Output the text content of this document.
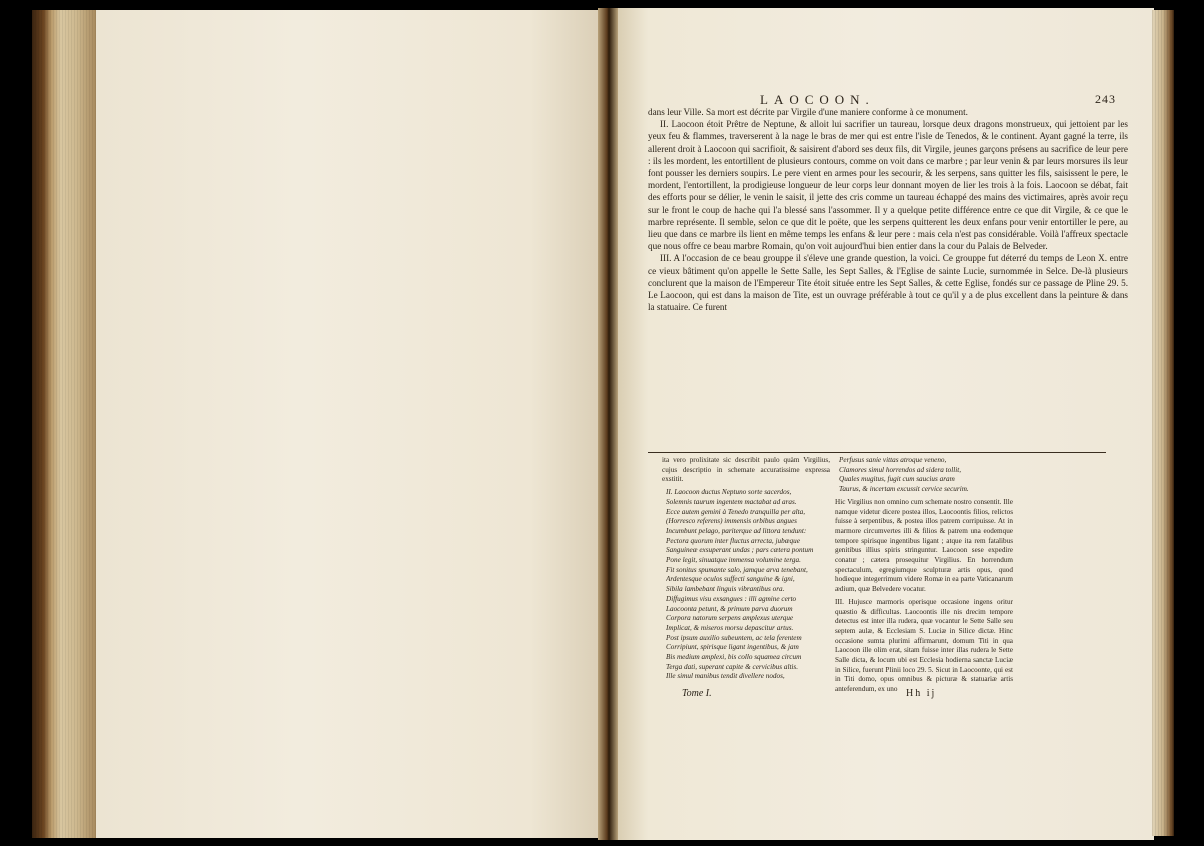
LAOCOON.	243

dans leur Ville. Sa mort est décrite par Virgile d'une maniere conforme à ce monument.

II. Laocoon étoit Prêtre de Neptune, & alloit lui sacrifier un taureau, lorsque deux dragons monstrueux, qui jettoient par les yeux feu & flammes, traverserent à la nage le bras de mer qui est entre l'isle de Tenedos, & le continent. Ayant gagné la terre, ils allerent droit à Laocoon qui sacrifioit, & saisirent d'abord ses deux fils, dit Virgile, jeunes garçons présens au sacrifice de leur pere : ils les mordent, les entortillent de plusieurs contours, comme on voit dans ce marbre ; par leur venin & par leurs morsures ils leur font pousser les derniers soupirs. Le pere vient en armes pour les secourir, & les serpens, sans quitter les fils, saisissent le pere, le mordent, l'entortillent, la prodigieuse longueur de leur corps leur donnant moyen de lier les trois à la fois. Laocoon se débat, fait des efforts pour se délier, le venin le saisit, il jette des cris comme un taureau échappé des mains des victimaires, après avoir reçu sur le front le coup de hache qui l'a blessé sans l'assommer. Il y a quelque petite différence entre ce que dit Virgile, & ce que le marbre représente. Il semble, selon ce que dit le poëte, que les serpens quitterent les deux enfans pour venir entortiller le pere, au lieu que dans ce marbre ils lient en même temps les enfans & leur pere : mais cela n'est pas considérable. Voilà l'affreux spectacle que nous offre ce beau marbre Romain, qu'on voit aujourd'hui bien entier dans la cour du Palais de Belveder.

III. A l'occasion de ce beau grouppe il s'éleve une grande question, la voici. Ce grouppe fut déterré du temps de Leon X. entre ce vieux bâtiment qu'on appelle le Sette Salle, les Sept Salles, & l'Eglise de sainte Lucie, surnommée in Selce. De-là plusieurs conclurent que la maison de l'Empereur Tite étoit située entre les Sept Salles, & cette Eglise, fondés sur ce passage de Pline 29. 5. Le Laocoon, qui est dans la maison de Tite, est un ouvrage préférable à tout ce qu'il y a de plus excellent dans la peinture & dans la statuaire. Ce furent

ita vero prolixitate sic describit paulo quàm Virgilius, cujus descriptio in schemate accuratissime expressa exstitit.

II. Laocoon ductus Neptuno sorte sacerdos,
Solemnis taurum ingentem mactabat ad aras.
Ecce autem gemini à Tenedo tranquilla per alta,
(Horresco referens) immensis orbibus angues
Incumbunt pelago, pariterque ad littora tendunt:
Pectora quorum inter fluctus arrecta, jubæque
Sanguineæ exsuperant undas ; pars cætera pontum
Pone legit, sinuatque immensa volumine terga.
Fit sonitus spumante salo, jamque arva tenebant,
Ardentesque oculos suffecti sanguine & igni,
Sibila lambebant linguis vibrantibus ora.
Diffugimus visu exsangues : illi agmine certo
Laocoonta petunt, & primum parva duorum
Corpora natorum serpens amplexus uterque
Implicat, & miseros morsu depascitur artus.
Post ipsum auxilio subeuntem, ac tela ferentem
Corripiunt, spirisque ligant ingentibus, & jam
Bis medium amplexi, bis collo squamea circum
Terga dati, superant capite & cervicibus altis.
Ille simul manibus tendit divellere nodos,
Perfusus sanie vittas atroque veneno,
Clamores simul horrendos ad sidera tollit,
Quales mugitus, fugit cum saucius aram
Taurus, & incertam excussit cervice securim.

Hic Virgilius non omnino cum schemate nostro consentit. Ille namque videtur dicere postea illos, Laocoontis filios, relictos fuisse à serpentibus, & postea illos patrem corripuisse. At in marmore circumvertes illi & filios & patrem una eodemque tempore spirisque ingentibus ligant ; atque ita rem fatalibus genitibus illius spiris stringuntur. Laocoon sese expedire conatur ; cætera prosequitur Virgilius. En horrendum spectaculum, egregiumque sculpturæ artis opus, quod hodieque integerrimum videre Romæ in ea parte Vaticanarum ædium, quæ Belvedere vocatur.

III. Hujusce marmoris operisque occasione ingens oritur quæstio & difficultas. Laocoontis ille nis drecim tempore detectus est inter illa rudera, quæ vocantur le Sette Salle seu septem aulæ, & Ecclesiam S. Luciæ in Silice dictæ. Hinc occasione sumta plurimi affirmarunt, domum Titi in qua Laocoon ille olim erat, sitam fuisse inter illas rudera le Sette Salle dicta, & locum ubi est Ecclesia hodierna sanctæ Luciæ in Silice, fuerunt Plinii loco 29. 5. Sicut in Laocoonte, qui est in Titi domo, opus omnibus & picturæ & statuariæ artis anteferendum, ex uno

Tome I.	Hh ij
